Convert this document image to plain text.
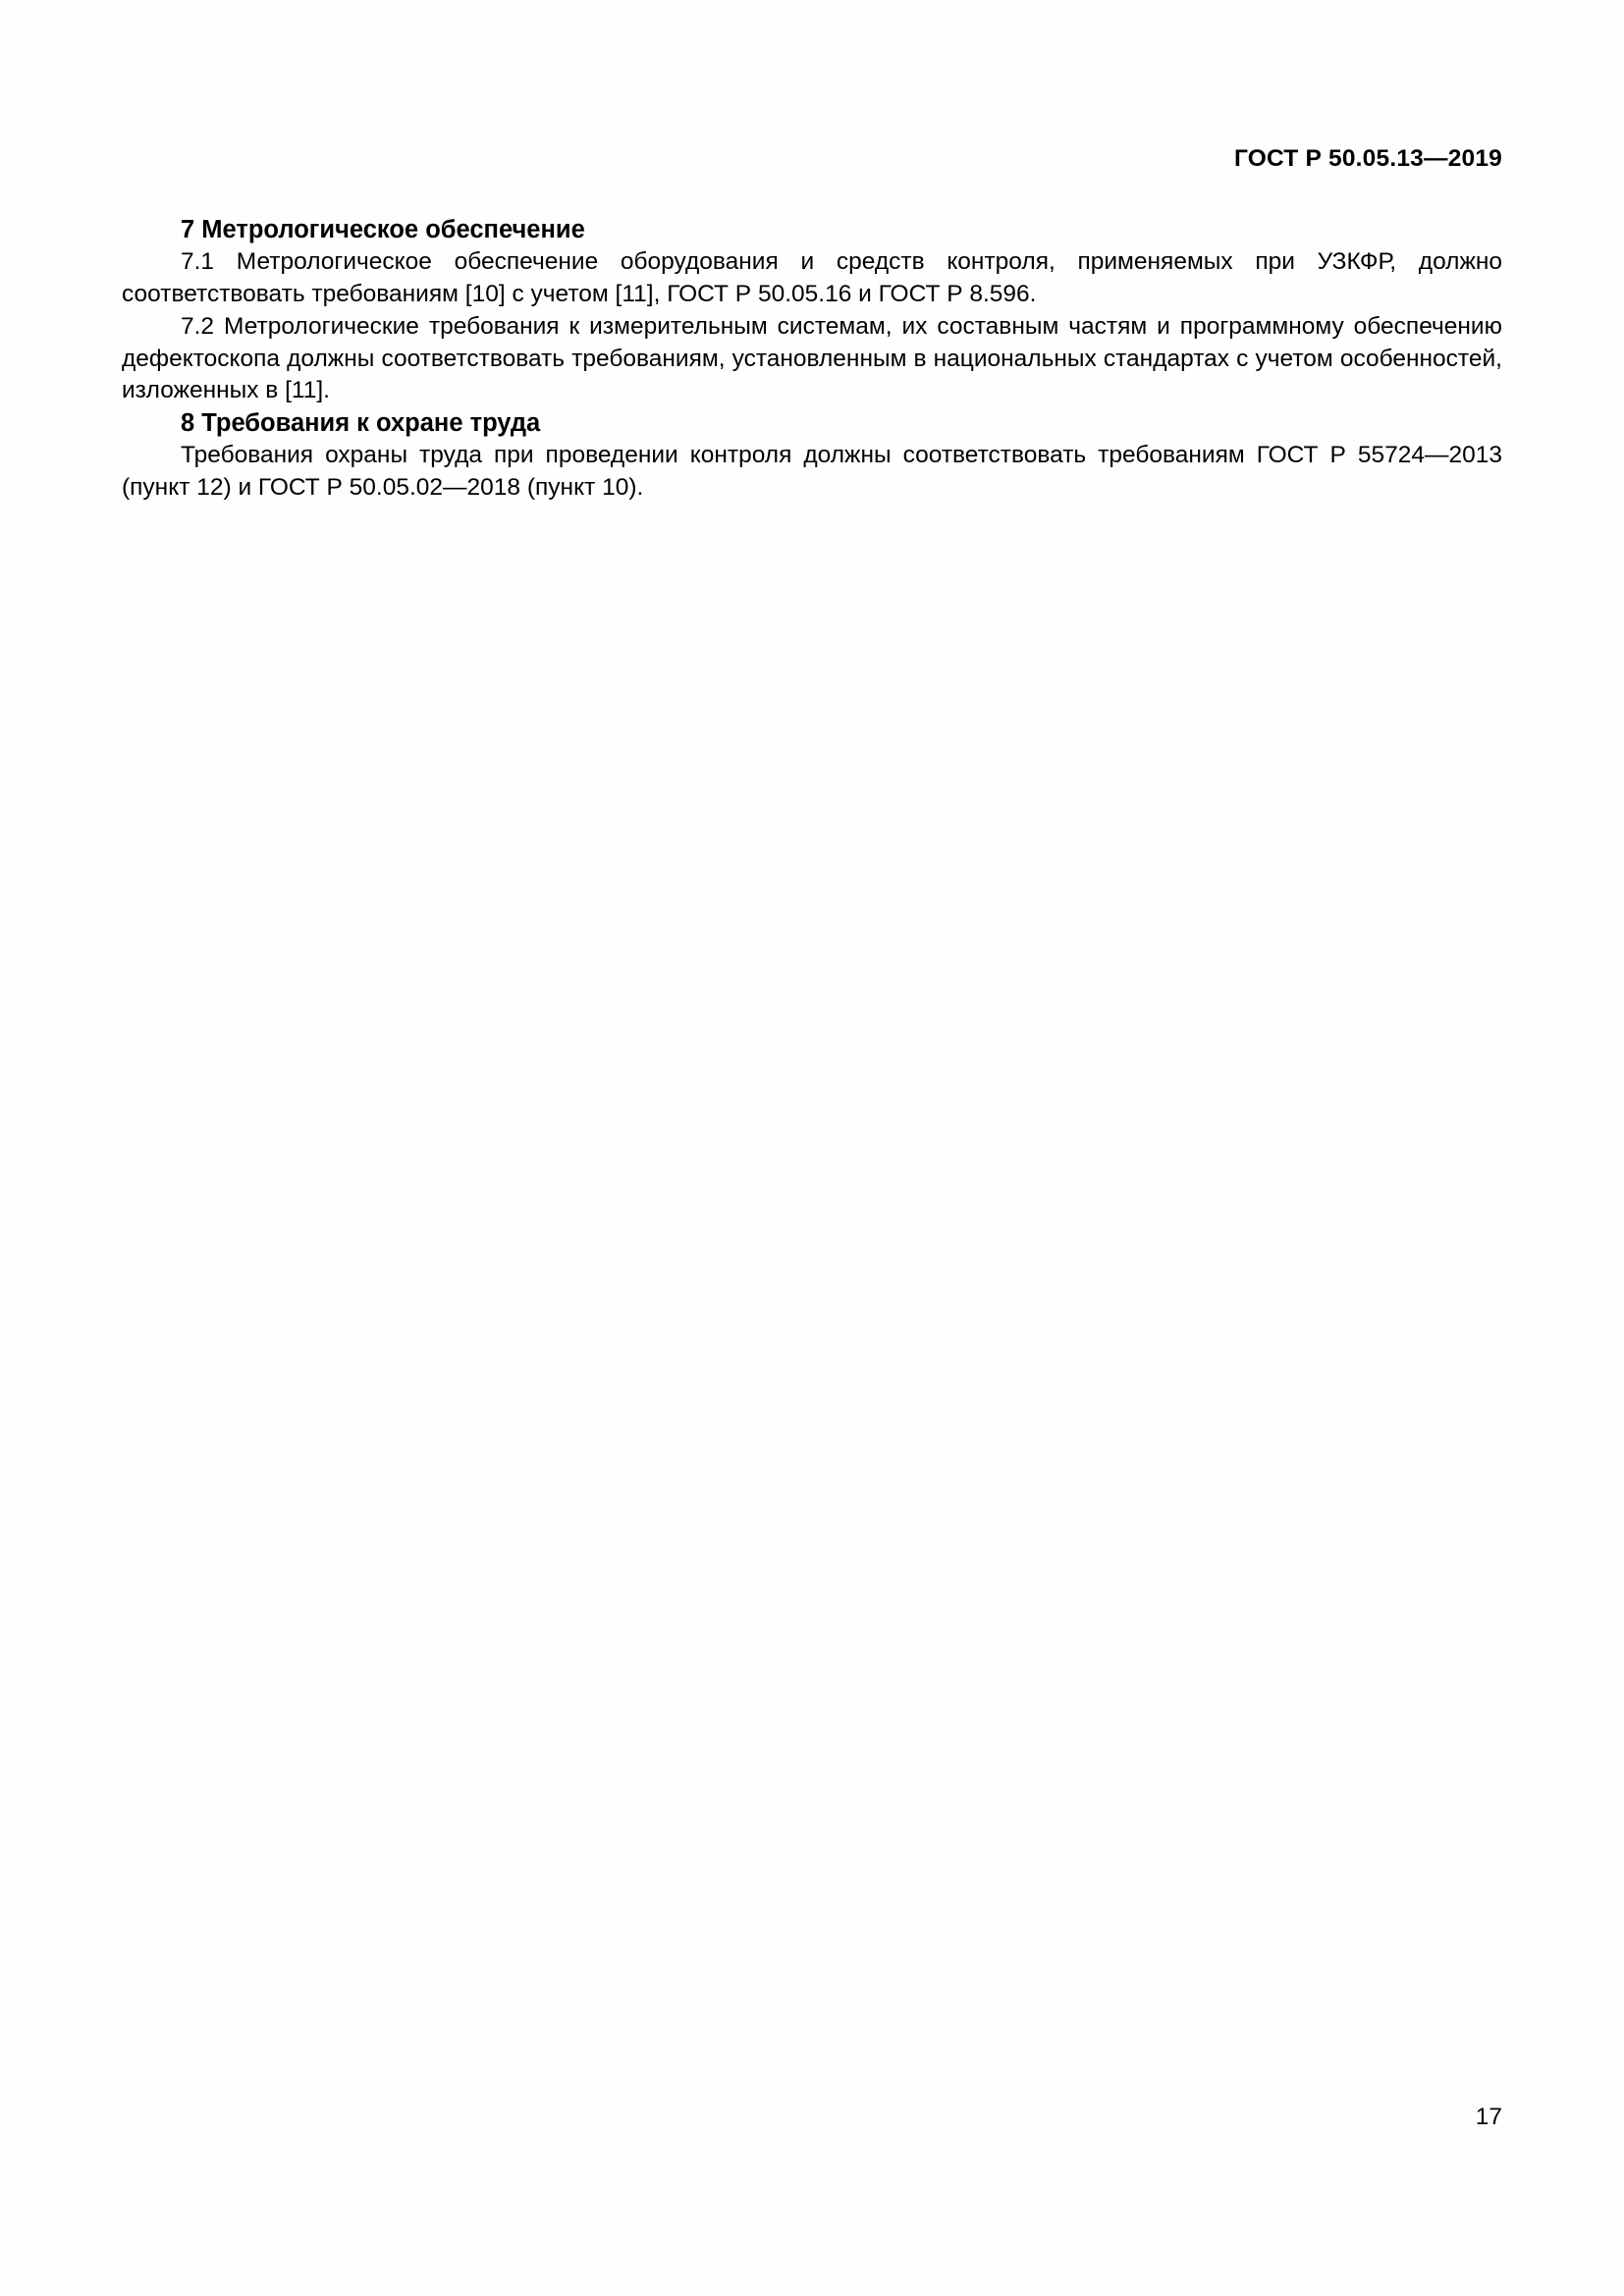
ГОСТ Р 50.05.13—2019
7 Метрологическое обеспечение

7.1 Метрологическое обеспечение оборудования и средств контроля, применяемых при УЗКФР, должно соответствовать требованиям [10] с учетом [11], ГОСТ Р 50.05.16 и ГОСТ Р 8.596.

7.2 Метрологические требования к измерительным системам, их составным частям и программному обеспечению дефектоскопа должны соответствовать требованиям, установленным в национальных стандартах с учетом особенностей, изложенных в [11].

8 Требования к охране труда

Требования охраны труда при проведении контроля должны соответствовать требованиям ГОСТ Р 55724—2013 (пункт 12) и ГОСТ Р 50.05.02—2018 (пункт 10).

17
